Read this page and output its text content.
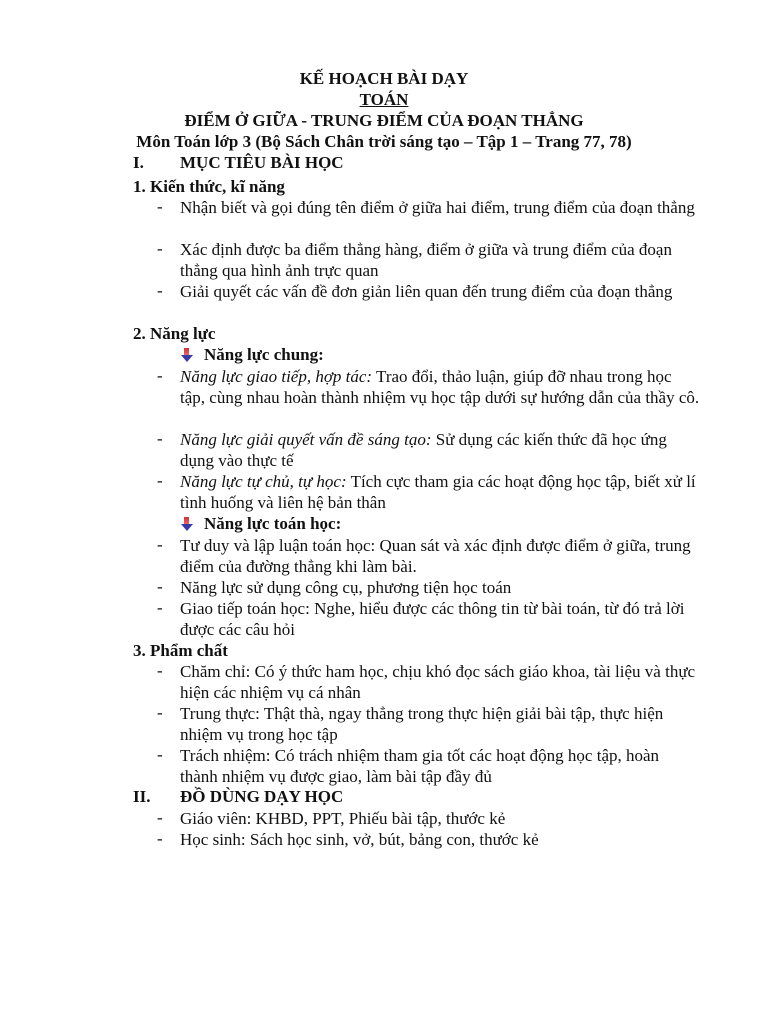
KẾ HOẠCH BÀI DẠY
TOÁN
ĐIỂM Ở GIỮA - TRUNG ĐIỂM CỦA ĐOẠN THẲNG
Môn Toán lớp 3 (Bộ Sách Chân trời sáng tạo – Tập 1 – Trang 77, 78)
I. MỤC TIÊU BÀI HỌC
1. Kiến thức, kĩ năng
- Nhận biết và gọi đúng tên điểm ở giữa hai điểm, trung điểm của đoạn thẳng
- Xác định được ba điểm thẳng hàng, điểm ở giữa và trung điểm của đoạn thẳng qua hình ảnh trực quan
- Giải quyết các vấn đề đơn giản liên quan đến trung điểm của đoạn thẳng
2. Năng lực
Năng lực chung:
- Năng lực giao tiếp, hợp tác: Trao đổi, thảo luận, giúp đỡ nhau trong học tập, cùng nhau hoàn thành nhiệm vụ học tập dưới sự hướng dẫn của thầy cô.
- Năng lực giải quyết vấn đề sáng tạo: Sử dụng các kiến thức đã học ứng dụng vào thực tế
- Năng lực tự chủ, tự học: Tích cực tham gia các hoạt động học tập, biết xử lí tình huống và liên hệ bản thân
Năng lực toán học:
- Tư duy và lập luận toán học: Quan sát và xác định được điểm ở giữa, trung điểm của đường thẳng khi làm bài.
- Năng lực sử dụng công cụ, phương tiện học toán
- Giao tiếp toán học: Nghe, hiểu được các thông tin từ bài toán, từ đó trả lời được các câu hỏi
3. Phẩm chất
- Chăm chỉ: Có ý thức ham học, chịu khó đọc sách giáo khoa, tài liệu và thực hiện các nhiệm vụ cá nhân
- Trung thực: Thật thà, ngay thẳng trong thực hiện giải bài tập, thực hiện nhiệm vụ trong học tập
- Trách nhiệm: Có trách nhiệm tham gia tốt các hoạt động học tập, hoàn thành nhiệm vụ được giao, làm bài tập đầy đủ
II. ĐỒ DÙNG DẠY HỌC
- Giáo viên: KHBD, PPT, Phiếu bài tập, thước kẻ
- Học sinh: Sách học sinh, vở, bút, bảng con, thước kẻ
